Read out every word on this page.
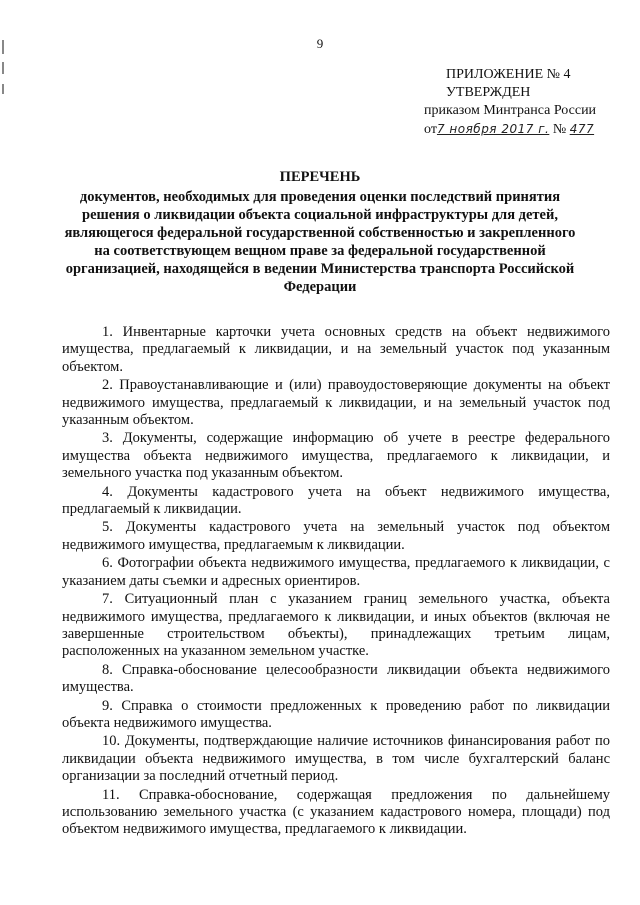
9
ПРИЛОЖЕНИЕ № 4
УТВЕРЖДЕН
приказом Минтранса России
от7 ноября 2017 г. № 477
ПЕРЕЧЕНЬ
документов, необходимых для проведения оценки последствий принятия решения о ликвидации объекта социальной инфраструктуры для детей, являющегося федеральной государственной собственностью и закрепленного на соответствующем вещном праве за федеральной государственной организацией, находящейся в ведении Министерства транспорта Российской Федерации

1. Инвентарные карточки учета основных средств на объект недвижимого имущества, предлагаемый к ликвидации, и на земельный участок под указанным объектом.

2. Правоустанавливающие и (или) правоудостоверяющие документы на объект недвижимого имущества, предлагаемый к ликвидации, и на земельный участок под указанным объектом.

3. Документы, содержащие информацию об учете в реестре федерального имущества объекта недвижимого имущества, предлагаемого к ликвидации, и земельного участка под указанным объектом.

4. Документы кадастрового учета на объект недвижимого имущества, предлагаемый к ликвидации.

5. Документы кадастрового учета на земельный участок под объектом недвижимого имущества, предлагаемым к ликвидации.

6. Фотографии объекта недвижимого имущества, предлагаемого к ликвидации, с указанием даты съемки и адресных ориентиров.

7. Ситуационный план с указанием границ земельного участка, объекта недвижимого имущества, предлагаемого к ликвидации, и иных объектов (включая не завершенные строительством объекты), принадлежащих третьим лицам, расположенных на указанном земельном участке.

8. Справка-обоснование целесообразности ликвидации объекта недвижимого имущества.

9. Справка о стоимости предложенных к проведению работ по ликвидации объекта недвижимого имущества.

10. Документы, подтверждающие наличие источников финансирования работ по ликвидации объекта недвижимого имущества, в том числе бухгалтерский баланс организации за последний отчетный период.

11. Справка-обоснование, содержащая предложения по дальнейшему использованию земельного участка (с указанием кадастрового номера, площади) под объектом недвижимого имущества, предлагаемого к ликвидации.
